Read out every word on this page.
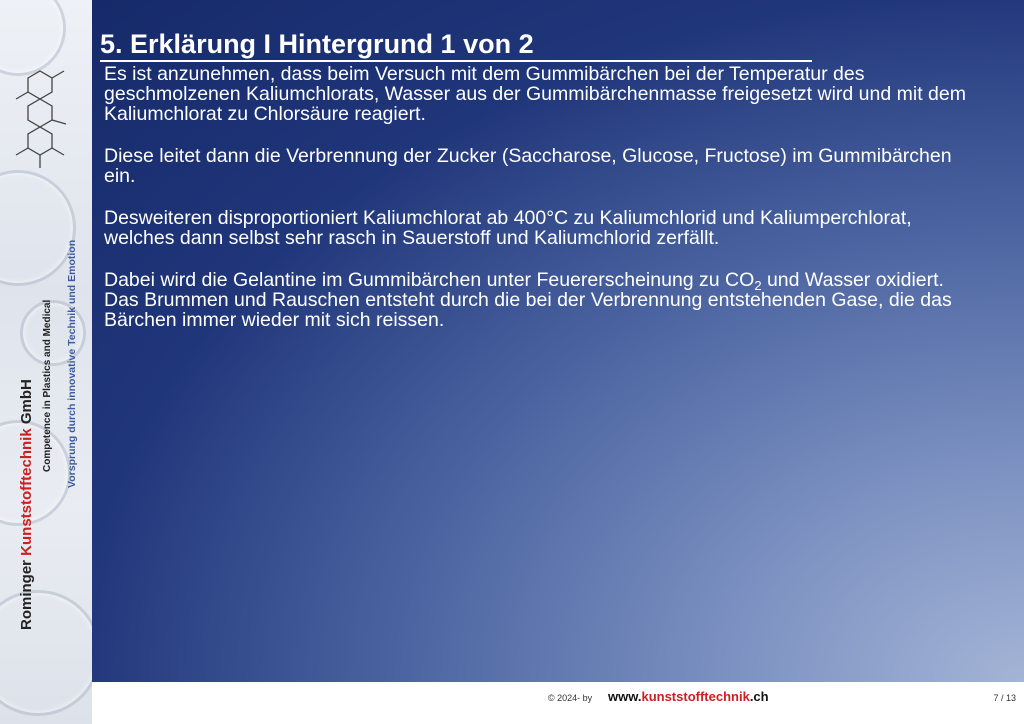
Rominger Kunststofftechnik GmbH Competence in Plastics and Medical Vorsprung durch innovative Technik und Emotion
5. Erklärung I Hintergrund 1 von 2

Es ist anzunehmen, dass beim Versuch mit dem Gummibärchen bei der Temperatur des geschmolzenen Kaliumchlorats, Wasser aus der Gummibärchenmasse freigesetzt wird und mit dem Kaliumchlorat zu Chlorsäure reagiert.

Diese leitet dann die Verbrennung der Zucker (Saccharose, Glucose, Fructose) im Gummibärchen ein.

Desweiteren disproportioniert Kaliumchlorat ab 400°C zu Kaliumchlorid und Kaliumperchlorat, welches dann selbst sehr rasch in Sauerstoff und Kaliumchlorid zerfällt.

Dabei wird die Gelantine im Gummibärchen unter Feuererscheinung zu $CO_2$ und Wasser oxidiert. Das Brummen und Rauschen entsteht durch die bei der Verbrennung entstehenden Gase, die das Bärchen immer wieder mit sich reissen.

© 2024- by www.kunststofftechnik.ch	7 / 13
